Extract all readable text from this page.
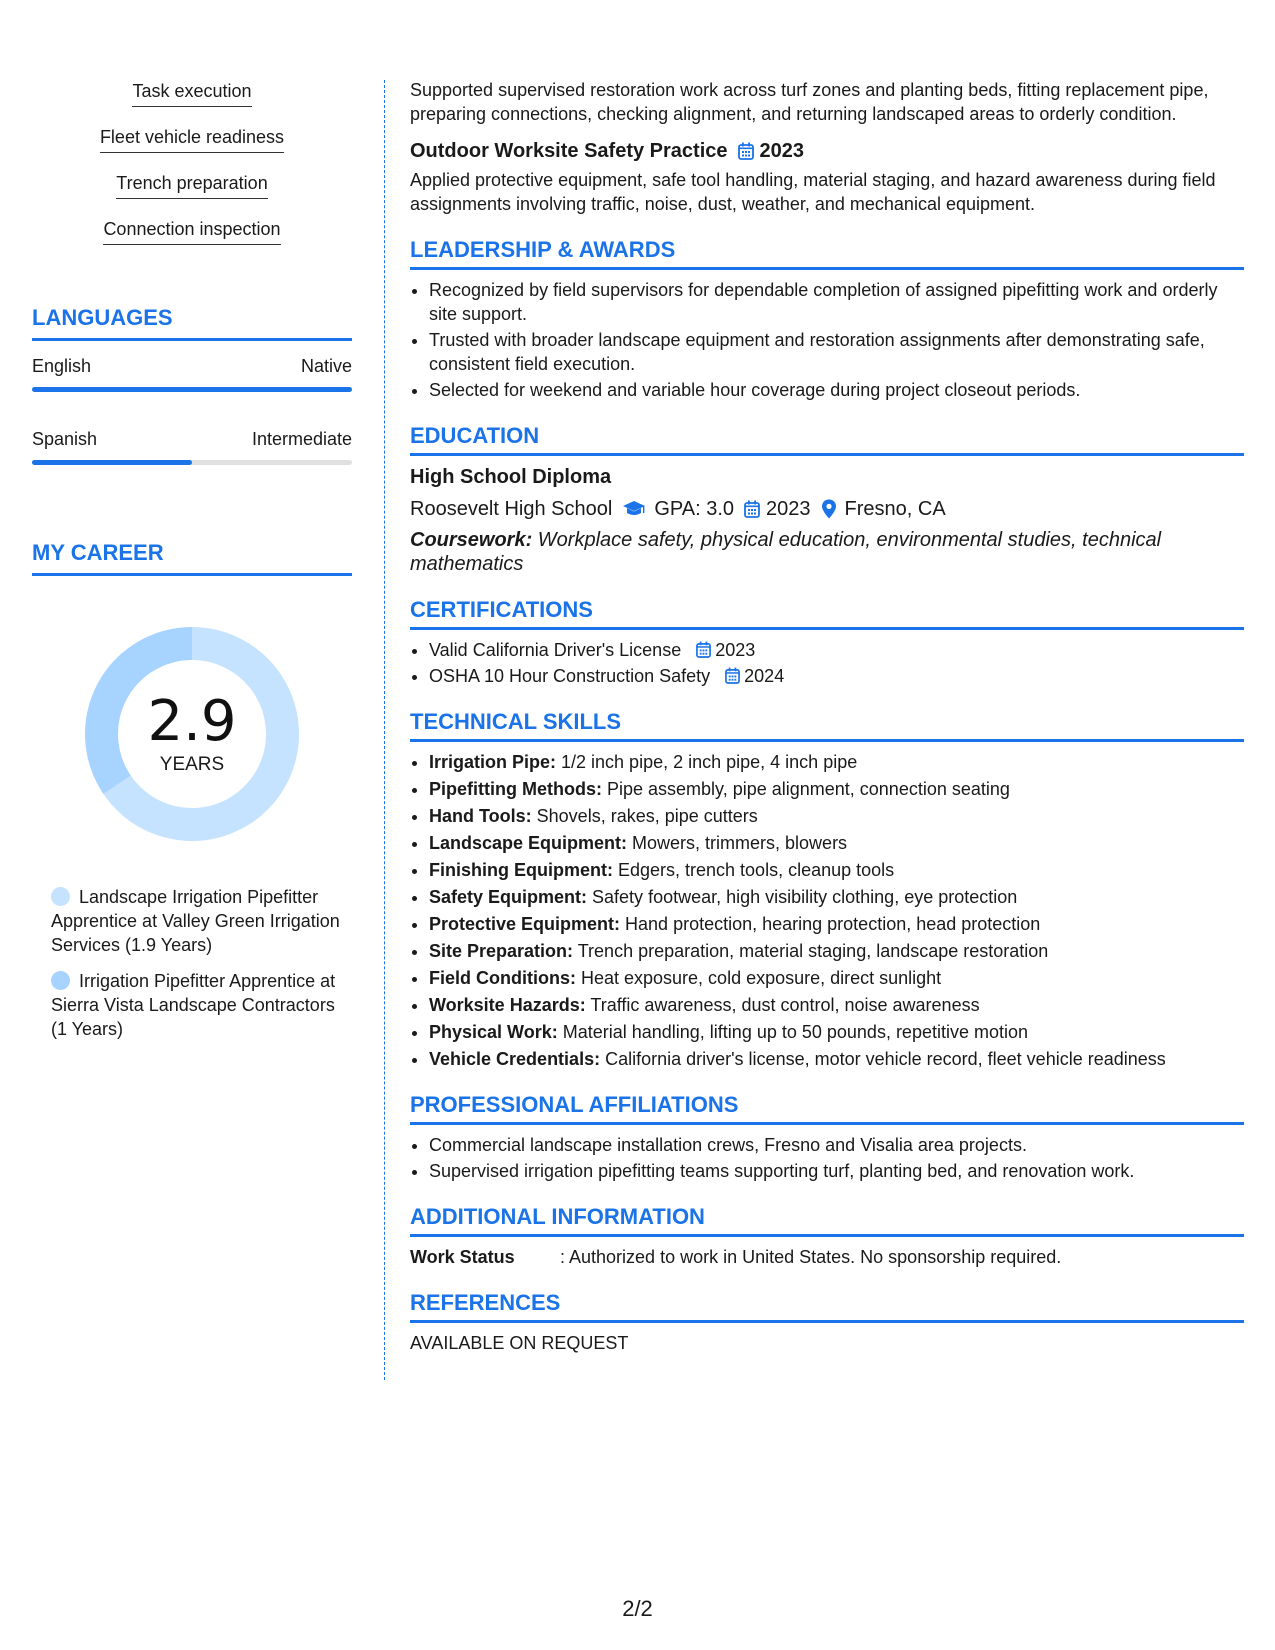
Task execution
Fleet vehicle readiness
Trench preparation
Connection inspection
LANGUAGES
English	Native
Spanish	Intermediate
MY CAREER
2.9
YEARS
Landscape Irrigation Pipefitter Apprentice at Valley Green Irrigation Services (1.9 Years)
Irrigation Pipefitter Apprentice at Sierra Vista Landscape Contractors (1 Years)

Supported supervised restoration work across turf zones and planting beds, fitting replacement pipe, preparing connections, checking alignment, and returning landscaped areas to orderly condition.

Outdoor Worksite Safety Practice 2023

Applied protective equipment, safe tool handling, material staging, and hazard awareness during field assignments involving traffic, noise, dust, weather, and mechanical equipment.

LEADERSHIP & AWARDS
• Recognized by field supervisors for dependable completion of assigned pipefitting work and orderly site support.
• Trusted with broader landscape equipment and restoration assignments after demonstrating safe, consistent field execution.
• Selected for weekend and variable hour coverage during project closeout periods.
EDUCATION
High School Diploma
Roosevelt High School GPA: 3.0 2023 Fresno, CA
Coursework: Workplace safety, physical education, environmental studies, technical mathematics
CERTIFICATIONS
• Valid California Driver's License 2023
• OSHA 10 Hour Construction Safety 2024
TECHNICAL SKILLS
• Irrigation Pipe: 1/2 inch pipe, 2 inch pipe, 4 inch pipe
• Pipefitting Methods: Pipe assembly, pipe alignment, connection seating
• Hand Tools: Shovels, rakes, pipe cutters
• Landscape Equipment: Mowers, trimmers, blowers
• Finishing Equipment: Edgers, trench tools, cleanup tools
• Safety Equipment: Safety footwear, high visibility clothing, eye protection
• Protective Equipment: Hand protection, hearing protection, head protection
• Site Preparation: Trench preparation, material staging, landscape restoration
• Field Conditions: Heat exposure, cold exposure, direct sunlight
• Worksite Hazards: Traffic awareness, dust control, noise awareness
• Physical Work: Material handling, lifting up to 50 pounds, repetitive motion
• Vehicle Credentials: California driver's license, motor vehicle record, fleet vehicle readiness
PROFESSIONAL AFFILIATIONS
• Commercial landscape installation crews, Fresno and Visalia area projects.
• Supervised irrigation pipefitting teams supporting turf, planting bed, and renovation work.
ADDITIONAL INFORMATION
Work Status	: Authorized to work in United States. No sponsorship required.
REFERENCES
AVAILABLE ON REQUEST
2/2
